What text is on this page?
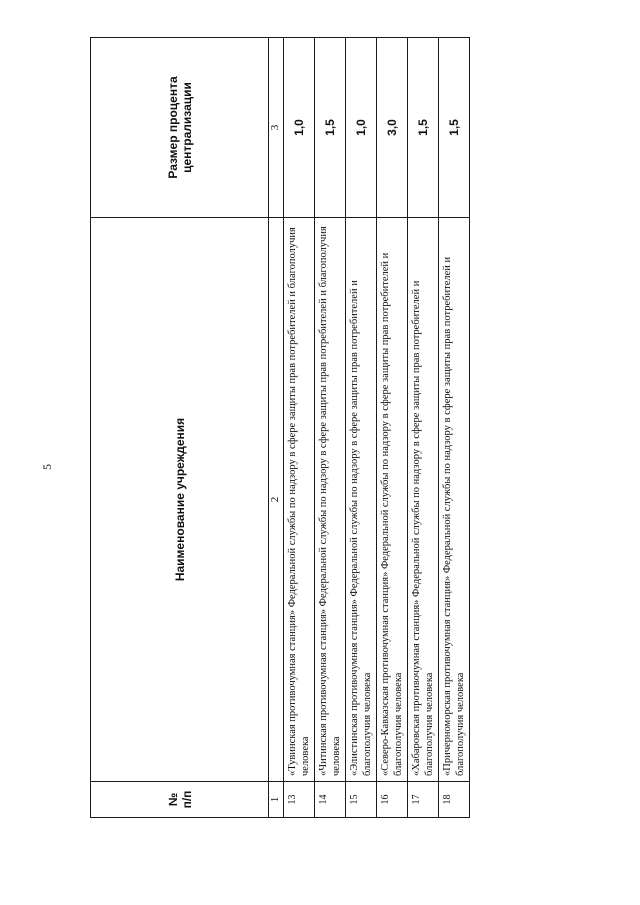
5
№ п/п	Наименование учреждения	Размер процента централизации
1	2	3
13	«Тувинская противочумная станция» Федеральной службы по надзору в сфере защиты прав потребителей и благополучия человека	1,0
14	«Читинская противочумная станция» Федеральной службы по надзору в сфере защиты прав потребителей и благополучия человека	1,5
15	«Элистинская противочумная станция» Федеральной службы по надзору в сфере защиты прав потребителей и благополучия человека	1,0
16	«Северо-Кавказская противочумная станция» Федеральной службы по надзору в сфере защиты прав потребителей и благополучия человека	3,0
17	«Хабаровская противочумная станция» Федеральной службы по надзору в сфере защиты прав потребителей и благополучия человека	1,5
18	«Причерноморская противочумная станция» Федеральной службы по надзору в сфере защиты прав потребителей и благополучия человека	1,5
